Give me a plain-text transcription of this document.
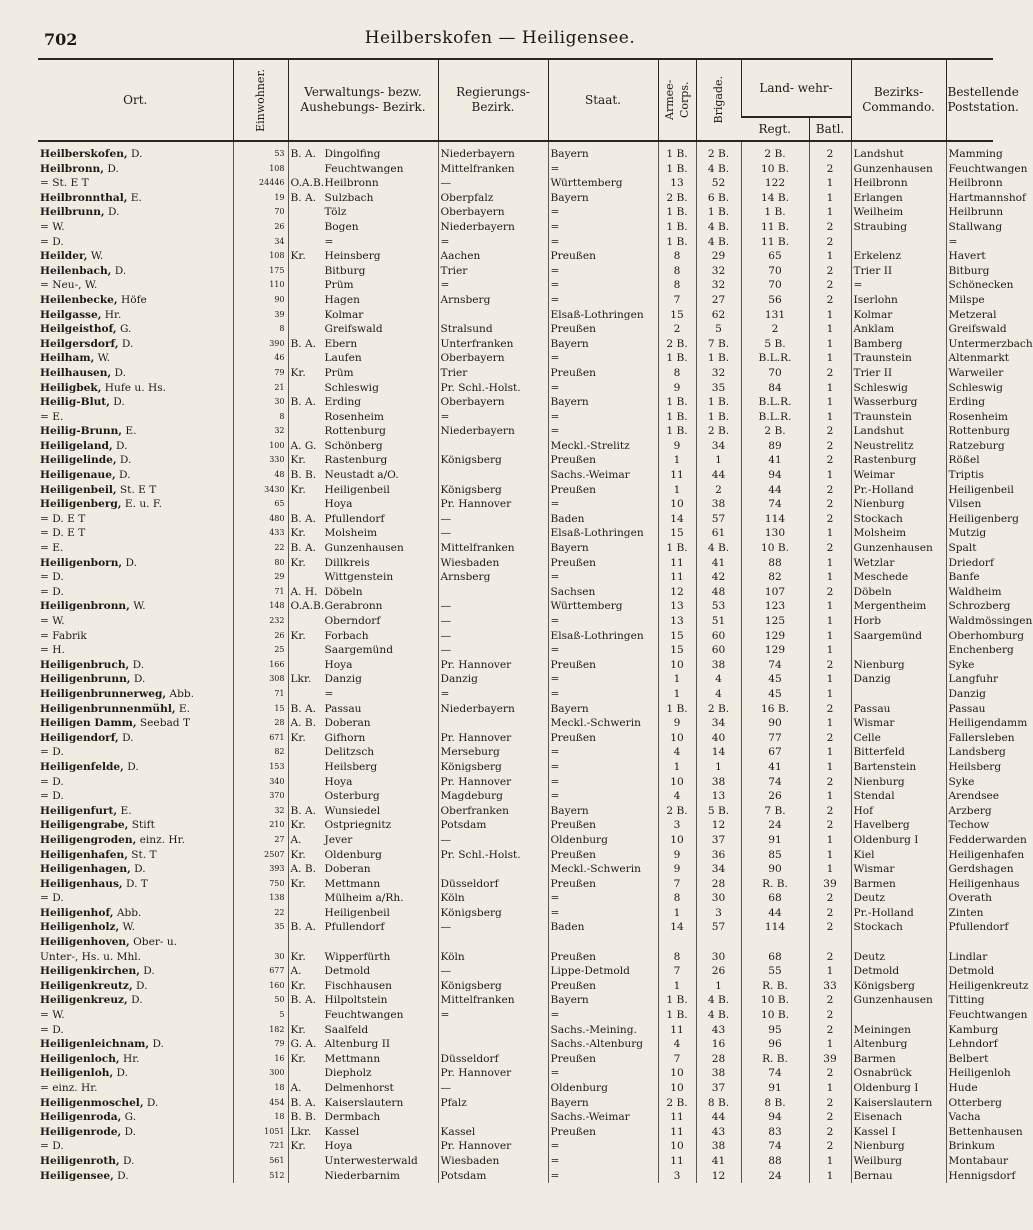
702	Heilberskofen — Heiligensee.
Ort.	Einwohner.	Verwaltungs- bezw. Aushebungs- Bezirk.	Regierungs- Bezirk.	Staat.	Armee-Corps.	Brigade.	Land- wehr-		Bezirks- Commando.	Bestellende Poststation.
							Regt.	Batl.		
Heilberskofen, D.	53	B. A. Dingolfing	Niederbayern	Bayern	1 B.	2 B.	2 B.	2	Landshut	Mamming
Heilbronn, D.	108	Feuchtwangen	Mittelfranken	=	1 B.	4 B.	10 B.	2	Gunzenhausen	Feuchtwangen
= St. E T	24446	O.A.B.Heilbronn	—	Württemberg	13	52	122	1	Heilbronn	Heilbronn
Heilbronnthal, E.	19	B. A. Sulzbach	Oberpfalz	Bayern	2 B.	6 B.	14 B.	1	Erlangen	Hartmannshof
Heilbrunn, D.	70	Tölz	Oberbayern	=	1 B.	1 B.	1 B.	1	Weilheim	Heilbrunn
= W.	26	Bogen	Niederbayern	=	1 B.	4 B.	11 B.	2	Straubing	Stallwang
= D.	34	=	=	=	1 B.	4 B.	11 B.	2		=
Heilder, W.	108	Kr. Heinsberg	Aachen	Preußen	8	29	65	1	Erkelenz	Havert
Heilenbach, D.	175	Bitburg	Trier	=	8	32	70	2	Trier II	Bitburg
= Neu-, W.	110	Prüm	=	=	8	32	70	2	=	Schönecken
Heilenbecke, Höfe	90	Hagen	Arnsberg	=	7	27	56	2	Iserlohn	Milspe
Heilgasse, Hr.	39	Kolmar		Elsaß-Lothringen	15	62	131	1	Kolmar	Metzeral
Heilgeisthof, G.	8	Greifswald	Stralsund	Preußen	2	5	2	1	Anklam	Greifswald
Heilgersdorf, D.	390	B. A. Ebern	Unterfranken	Bayern	2 B.	7 B.	5 B.	1	Bamberg	Untermerzbach
Heilham, W.	46	Laufen	Oberbayern	=	1 B.	1 B.	B.L.R.	1	Traunstein	Altenmarkt
Heilhausen, D.	79	Kr. Prüm	Trier	Preußen	8	32	70	2	Trier II	Warweiler
Heiligbek, Hufe u. Hs.	21	Schleswig	Pr. Schl.-Holst.	=	9	35	84	1	Schleswig	Schleswig
Heilig-Blut, D.	30	B. A. Erding	Oberbayern	Bayern	1 B.	1 B.	B.L.R.	1	Wasserburg	Erding
= E.	8	Rosenheim	=	=	1 B.	1 B.	B.L.R.	1	Traunstein	Rosenheim
Heilig-Brunn, E.	32	Rottenburg	Niederbayern	=	1 B.	2 B.	2 B.	2	Landshut	Rottenburg
Heiligeland, D.	100	A. G. Schönberg		Meckl.-Strelitz	9	34	89	2	Neustrelitz	Ratzeburg
Heiligelinde, D.	330	Kr. Rastenburg	Königsberg	Preußen	1	1	41	2	Rastenburg	Rößel
Heiligenaue, D.	48	B. B. Neustadt a/O.		Sachs.-Weimar	11	44	94	1	Weimar	Triptis
Heiligenbeil, St. E T	3430	Kr. Heiligenbeil	Königsberg	Preußen	1	2	44	2	Pr.-Holland	Heiligenbeil
Heiligenberg, E. u. F.	65	Hoya	Pr. Hannover	=	10	38	74	2	Nienburg	Vilsen
= D. E T	480	B. A. Pfullendorf	—	Baden	14	57	114	2	Stockach	Heiligenberg
= D. E T	433	Kr. Molsheim	—	Elsaß-Lothringen	15	61	130	1	Molsheim	Mutzig
= E.	22	B. A. Gunzenhausen	Mittelfranken	Bayern	1 B.	4 B.	10 B.	2	Gunzenhausen	Spalt
Heiligenborn, D.	80	Kr. Dillkreis	Wiesbaden	Preußen	11	41	88	1	Wetzlar	Driedorf
= D.	29	Wittgenstein	Arnsberg	=	11	42	82	1	Meschede	Banfe
= D.	71	A. H. Döbeln		Sachsen	12	48	107	2	Döbeln	Waldheim
Heiligenbronn, W.	148	O.A.B.Gerabronn	—	Württemberg	13	53	123	1	Mergentheim	Schrozberg
= W.	232	Oberndorf	—	=	13	51	125	1	Horb	Waldmössingen
= Fabrik	26	Kr. Forbach	—	Elsaß-Lothringen	15	60	129	1	Saargemünd	Oberhomburg
= H.	25	Saargemünd	—	=	15	60	129	1		Enchenberg
Heiligenbruch, D.	166	Hoya	Pr. Hannover	Preußen	10	38	74	2	Nienburg	Syke
Heiligenbrunn, D.	308	Lkr. Danzig	Danzig	=	1	4	45	1	Danzig	Langfuhr
Heiligenbrunnerweg, Abb.	71	=	=	=	1	4	45	1		Danzig
Heiligenbrunnenmühl, E.	15	B. A. Passau	Niederbayern	Bayern	1 B.	2 B.	16 B.	2	Passau	Passau
Heiligen Damm, Seebad T	28	A. B. Doberan		Meckl.-Schwerin	9	34	90	1	Wismar	Heiligendamm
Heiligendorf, D.	671	Kr. Gifhorn	Pr. Hannover	Preußen	10	40	77	2	Celle	Fallersleben
= D.	82	Delitzsch	Merseburg	=	4	14	67	1	Bitterfeld	Landsberg
Heiligenfelde, D.	153	Heilsberg	Königsberg	=	1	1	41	1	Bartenstein	Heilsberg
= D.	340	Hoya	Pr. Hannover	=	10	38	74	2	Nienburg	Syke
= D.	370	Osterburg	Magdeburg	=	4	13	26	1	Stendal	Arendsee
Heiligenfurt, E.	32	B. A. Wunsiedel	Oberfranken	Bayern	2 B.	5 B.	7 B.	2	Hof	Arzberg
Heiligengrabe, Stift	210	Kr. Ostpriegnitz	Potsdam	Preußen	3	12	24	2	Havelberg	Techow
Heiligengroden, einz. Hr.	27	A. Jever	—	Oldenburg	10	37	91	1	Oldenburg I	Fedderwarden
Heiligenhafen, St. T	2507	Kr. Oldenburg	Pr. Schl.-Holst.	Preußen	9	36	85	1	Kiel	Heiligenhafen
Heiligenhagen, D.	393	A. B. Doberan		Meckl.-Schwerin	9	34	90	1	Wismar	Gerdshagen
Heiligenhaus, D. T	750	Kr. Mettmann	Düsseldorf	Preußen	7	28	R. B.	39	Barmen	Heiligenhaus
= D.	138	Mülheim a/Rh.	Köln	=	8	30	68	2	Deutz	Overath
Heiligenhof, Abb.	22	Heiligenbeil	Königsberg	=	1	3	44	2	Pr.-Holland	Zinten
Heiligenholz, W.	35	B. A. Pfullendorf	—	Baden	14	57	114	2	Stockach	Pfullendorf
Heiligenhoven, Ober- u.										
Unter-, Hs. u. Mhl.	30	Kr. Wipperfürth	Köln	Preußen	8	30	68	2	Deutz	Lindlar
Heiligenkirchen, D.	677	A. Detmold	—	Lippe-Detmold	7	26	55	1	Detmold	Detmold
Heiligenkreutz, D.	160	Kr. Fischhausen	Königsberg	Preußen	1	1	R. B.	33	Königsberg	Heiligenkreutz
Heiligenkreuz, D.	50	B. A. Hilpoltstein	Mittelfranken	Bayern	1 B.	4 B.	10 B.	2	Gunzenhausen	Titting
= W.	5	Feuchtwangen	=	=	1 B.	4 B.	10 B.	2		Feuchtwangen
= D.	182	Kr. Saalfeld		Sachs.-Meining.	11	43	95	2	Meiningen	Kamburg
Heiligenleichnam, D.	79	G. A. Altenburg II		Sachs.-Altenburg	4	16	96	1	Altenburg	Lehndorf
Heiligenloch, Hr.	16	Kr. Mettmann	Düsseldorf	Preußen	7	28	R. B.	39	Barmen	Belbert
Heiligenloh, D.	300	Diepholz	Pr. Hannover	=	10	38	74	2	Osnabrück	Heiligenloh
= einz. Hr.	18	A. Delmenhorst	—	Oldenburg	10	37	91	1	Oldenburg I	Hude
Heiligenmoschel, D.	454	B. A. Kaiserslautern	Pfalz	Bayern	2 B.	8 B.	8 B.	2	Kaiserslautern	Otterberg
Heiligenroda, G.	18	B. B. Dermbach		Sachs.-Weimar	11	44	94	2	Eisenach	Vacha
Heiligenrode, D.	1051	Lkr. Kassel	Kassel	Preußen	11	43	83	2	Kassel I	Bettenhausen
= D.	721	Kr. Hoya	Pr. Hannover	=	10	38	74	2	Nienburg	Brinkum
Heiligenroth, D.	561	Unterwesterwald	Wiesbaden	=	11	41	88	1	Weilburg	Montabaur
Heiligensee, D.	512	Niederbarnim	Potsdam	=	3	12	24	1	Bernau	Hennigsdorf
